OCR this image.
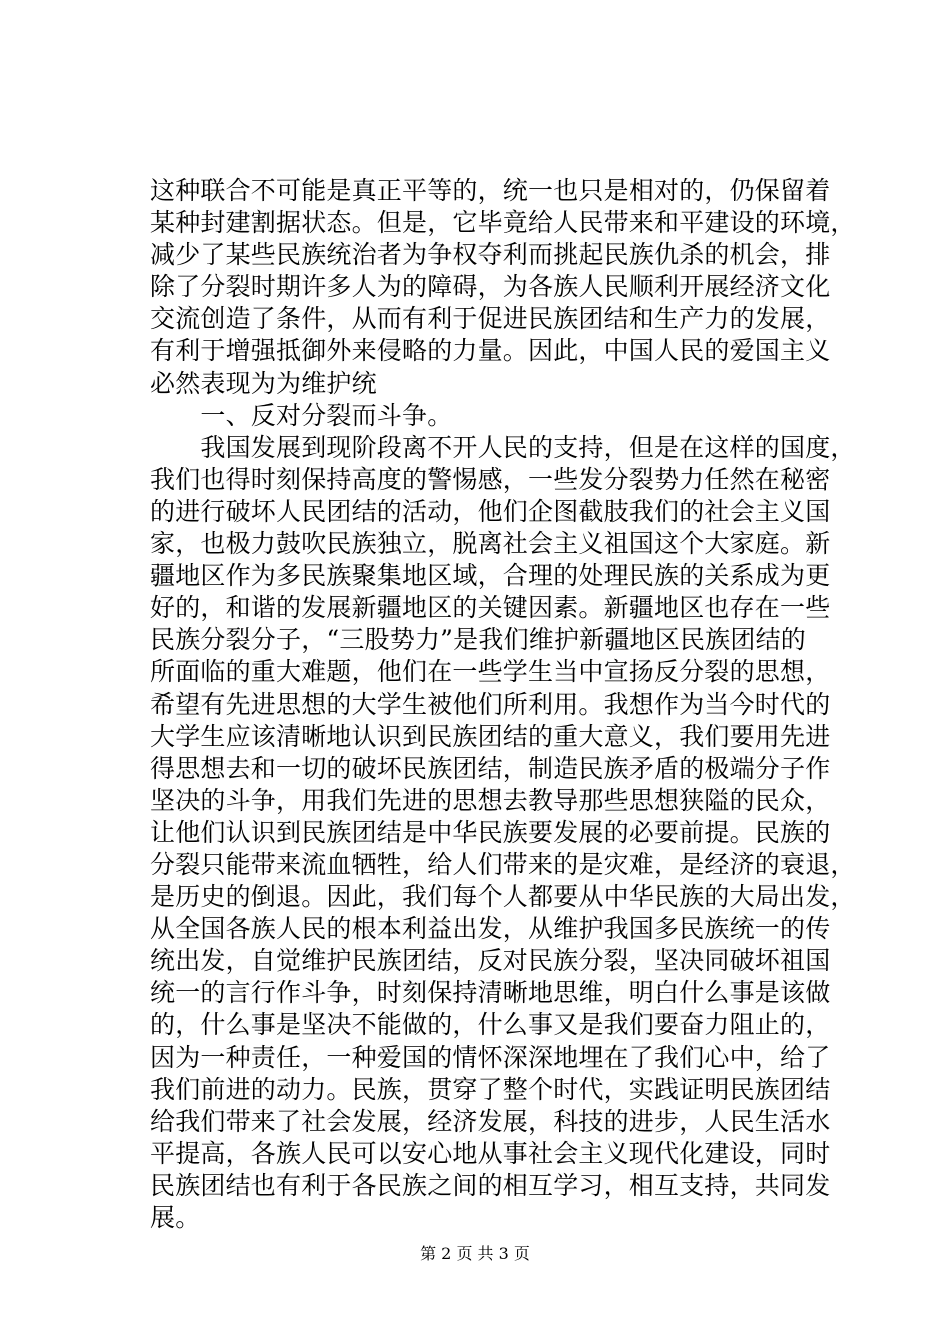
这种联合不可能是真正平等的，统一也只是相对的，仍保留着
某种封建割据状态。但是，它毕竟给人民带来和平建设的环境，
减少了某些民族统治者为争权夺利而挑起民族仇杀的机会，排
除了分裂时期许多人为的障碍，为各族人民顺利开展经济文化
交流创造了条件，从而有利于促进民族团结和生产力的发展，
有利于增强抵御外来侵略的力量。因此，中国人民的爱国主义
必然表现为为维护统
　　一、反对分裂而斗争。
　　我国发展到现阶段离不开人民的支持，但是在这样的国度，
我们也得时刻保持高度的警惕感，一些发分裂势力任然在秘密
的进行破坏人民团结的活动，他们企图截肢我们的社会主义国
家，也极力鼓吹民族独立，脱离社会主义祖国这个大家庭。新
疆地区作为多民族聚集地区域，合理的处理民族的关系成为更
好的，和谐的发展新疆地区的关键因素。新疆地区也存在一些
民族分裂分子，“三股势力”是我们维护新疆地区民族团结的
所面临的重大难题，他们在一些学生当中宣扬反分裂的思想，
希望有先进思想的大学生被他们所利用。我想作为当今时代的
大学生应该清晰地认识到民族团结的重大意义，我们要用先进
得思想去和一切的破坏民族团结，制造民族矛盾的极端分子作
坚决的斗争，用我们先进的思想去教导那些思想狭隘的民众，
让他们认识到民族团结是中华民族要发展的必要前提。民族的
分裂只能带来流血牺牲，给人们带来的是灾难，是经济的衰退，
是历史的倒退。因此，我们每个人都要从中华民族的大局出发，
从全国各族人民的根本利益出发，从维护我国多民族统一的传
统出发，自觉维护民族团结，反对民族分裂，坚决同破坏祖国
统一的言行作斗争，时刻保持清晰地思维，明白什么事是该做
的，什么事是坚决不能做的，什么事又是我们要奋力阻止的，
因为一种责任，一种爱国的情怀深深地埋在了我们心中，给了
我们前进的动力。民族，贯穿了整个时代，实践证明民族团结
给我们带来了社会发展，经济发展，科技的进步，人民生活水
平提高，各族人民可以安心地从事社会主义现代化建设，同时
民族团结也有利于各民族之间的相互学习，相互支持，共同发
展。
第 2 页 共 3 页
